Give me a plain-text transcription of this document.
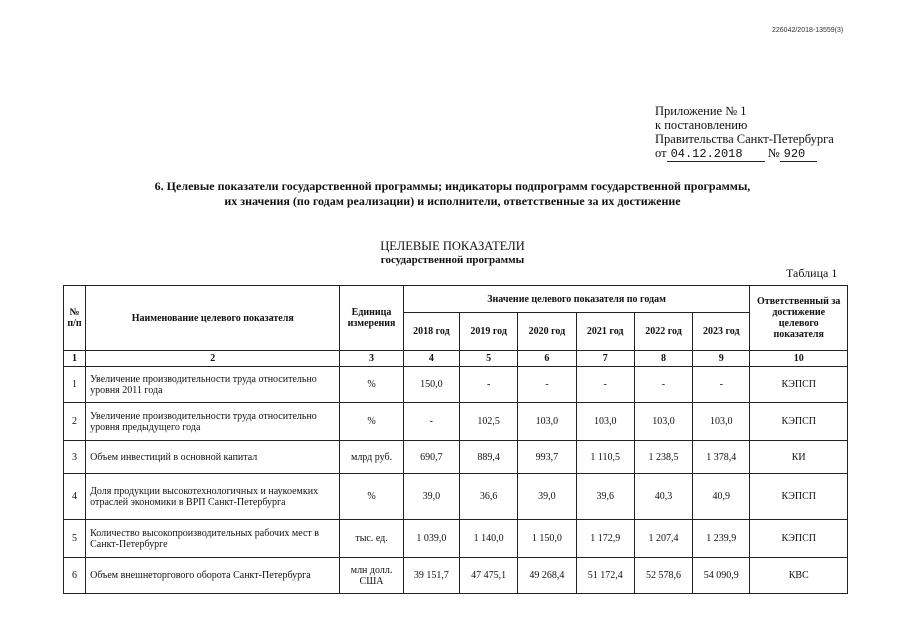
226042/2018-13559(3)
Приложение № 1
к постановлению
Правительства Санкт-Петербурга
от 04.12.2018 № 920
6. Целевые показатели государственной программы; индикаторы подпрограмм государственной программы,
их значения (по годам реализации) и исполнители, ответственные за их достижение
ЦЕЛЕВЫЕ ПОКАЗАТЕЛИ
государственной программы
Таблица 1
№ п/п	Наименование целевого показателя	Единица измерения	Значение целевого показателя по годам						Ответственный за достижение целевого показателя
			2018 год	2019 год	2020 год	2021 год	2022 год	2023 год	
1	2	3	4	5	6	7	8	9	10
1	Увеличение производительности труда относительно уровня 2011 года	%	150,0	-	-	-	-	-	КЭПСП
2	Увеличение производительности труда относительно уровня предыдущего года	%	-	102,5	103,0	103,0	103,0	103,0	КЭПСП
3	Объем инвестиций в основной капитал	млрд руб.	690,7	889,4	993,7	1 110,5	1 238,5	1 378,4	КИ
4	Доля продукции высокотехнологичных и наукоемких отраслей экономики в ВРП Санкт-Петербурга	%	39,0	36,6	39,0	39,6	40,3	40,9	КЭПСП
5	Количество высокопроизводительных рабочих мест в Санкт-Петербурге	тыс. ед.	1 039,0	1 140,0	1 150,0	1 172,9	1 207,4	1 239,9	КЭПСП
6	Объем внешнеторгового оборота Санкт-Петербурга	млн долл. США	39 151,7	47 475,1	49 268,4	51 172,4	52 578,6	54 090,9	КВС
